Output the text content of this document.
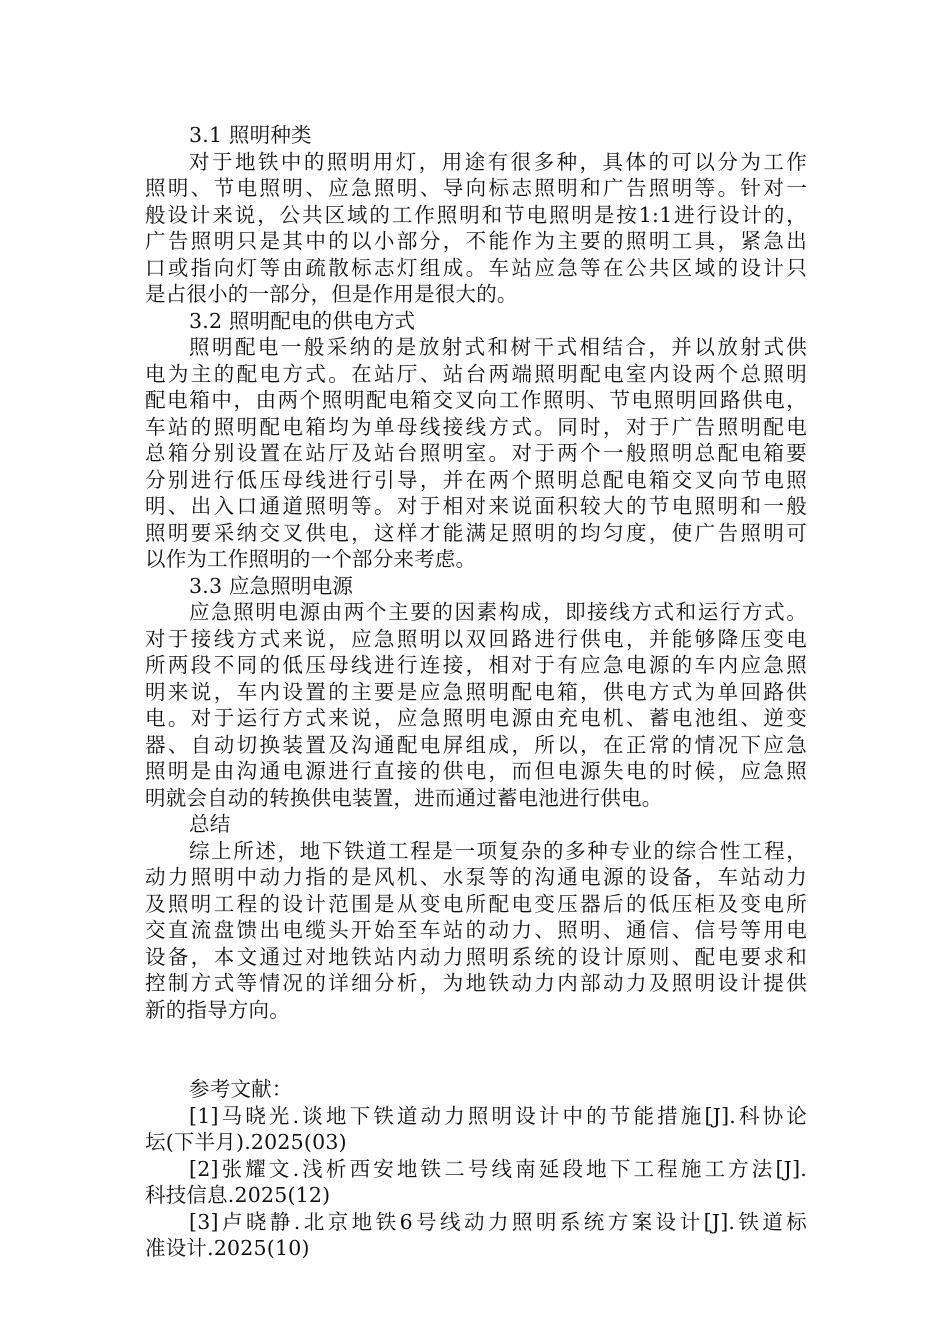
3.1 照明种类
对于地铁中的照明用灯，用途有很多种，具体的可以分为工作
照明、节电照明、应急照明、导向标志照明和广告照明等。针对一
般设计来说，公共区域的工作照明和节电照明是按1:1进行设计的，
广告照明只是其中的以小部分，不能作为主要的照明工具，紧急出
口或指向灯等由疏散标志灯组成。车站应急等在公共区域的设计只
是占很小的一部分，但是作用是很大的。
3.2 照明配电的供电方式
照明配电一般采纳的是放射式和树干式相结合，并以放射式供
电为主的配电方式。在站厅、站台两端照明配电室内设两个总照明
配电箱中，由两个照明配电箱交叉向工作照明、节电照明回路供电，
车站的照明配电箱均为单母线接线方式。同时，对于广告照明配电
总箱分别设置在站厅及站台照明室。对于两个一般照明总配电箱要
分别进行低压母线进行引导，并在两个照明总配电箱交叉向节电照
明、出入口通道照明等。对于相对来说面积较大的节电照明和一般
照明要采纳交叉供电，这样才能满足照明的均匀度，使广告照明可
以作为工作照明的一个部分来考虑。
3.3 应急照明电源
应急照明电源由两个主要的因素构成，即接线方式和运行方式。
对于接线方式来说，应急照明以双回路进行供电，并能够降压变电
所两段不同的低压母线进行连接，相对于有应急电源的车内应急照
明来说，车内设置的主要是应急照明配电箱，供电方式为单回路供
电。对于运行方式来说，应急照明电源由充电机、蓄电池组、逆变
器、自动切换装置及沟通配电屏组成，所以，在正常的情况下应急
照明是由沟通电源进行直接的供电，而但电源失电的时候，应急照
明就会自动的转换供电装置，进而通过蓄电池进行供电。
总结
综上所述，地下铁道工程是一项复杂的多种专业的综合性工程，
动力照明中动力指的是风机、水泵等的沟通电源的设备，车站动力
及照明工程的设计范围是从变电所配电变压器后的低压柜及变电所
交直流盘馈出电缆头开始至车站的动力、照明、通信、信号等用电
设备，本文通过对地铁站内动力照明系统的设计原则、配电要求和
控制方式等情况的详细分析，为地铁动力内部动力及照明设计提供
新的指导方向。
参考文献：
[1]马晓光.谈地下铁道动力照明设计中的节能措施[J].科协论
坛(下半月).2025(03)
[2]张耀文.浅析西安地铁二号线南延段地下工程施工方法[J].
科技信息.2025(12)
[3]卢晓静.北京地铁6号线动力照明系统方案设计[J].铁道标
准设计.2025(10)
